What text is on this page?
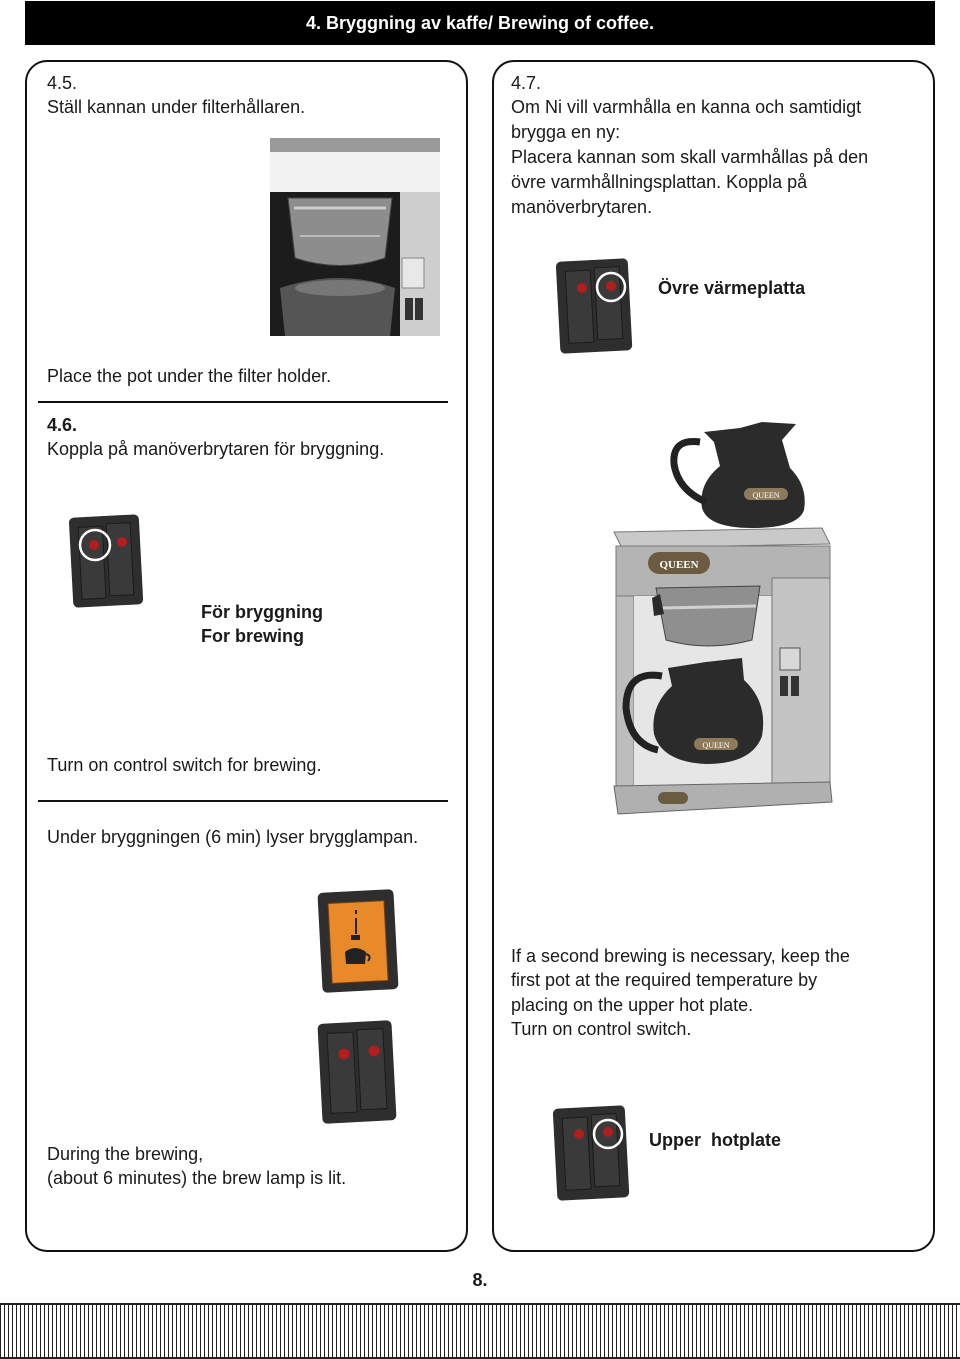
4. Bryggning av kaffe/ Brewing of coffee.
4.5.
Ställ kannan under filterhållaren.
Place the pot under the filter holder.
4.6.
Koppla på manöverbrytaren för bryggning.
För bryggning
For brewing
Turn on control switch for brewing.
Under bryggningen (6 min) lyser brygglampan.
During the brewing,
(about 6 minutes) the brew lamp is lit.
4.7.
Om Ni vill varmhålla en kanna och samtidigt
brygga en ny:
Placera kannan som skall varmhållas på den
övre varmhållningsplattan. Koppla på
manöverbrytaren.
Övre värmeplatta
QUEEN
QUEEN
QUEEN
If a second brewing is necessary, keep the
first pot at the required temperature by
placing on the upper hot plate.
Turn on control switch.
Upper  hotplate
8.
